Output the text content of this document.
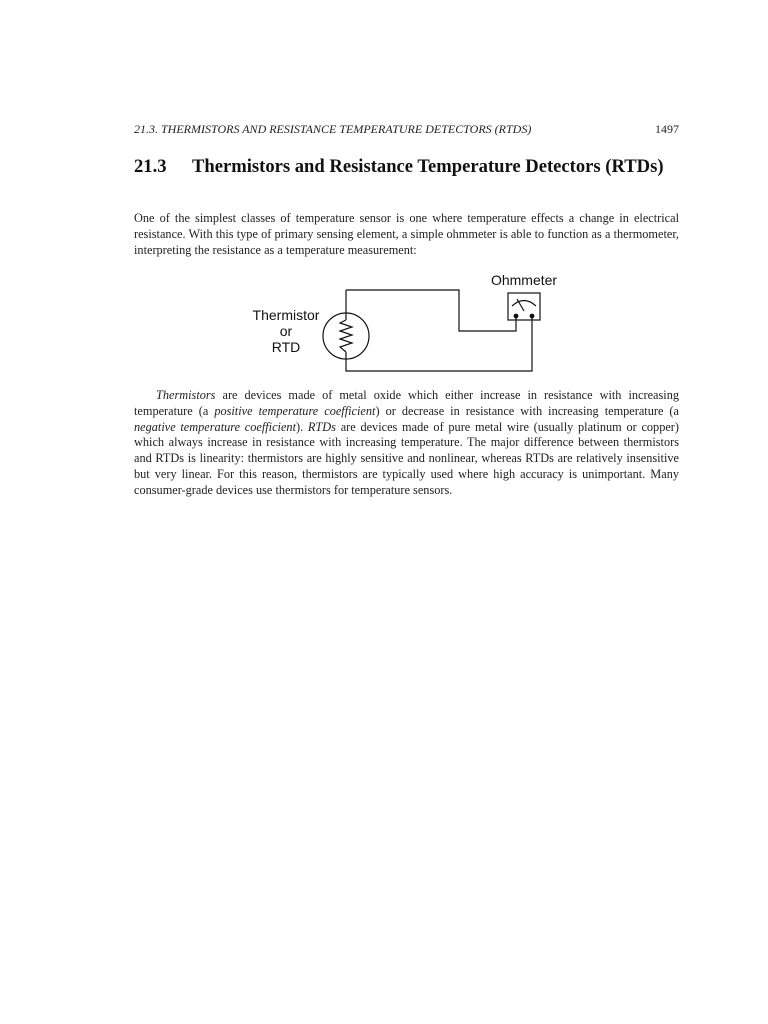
21.3. THERMISTORS AND RESISTANCE TEMPERATURE DETECTORS (RTDS)	1497
21.3	Thermistors and Resistance Temperature Detectors (RTDs)

One of the simplest classes of temperature sensor is one where temperature effects a change in electrical resistance. With this type of primary sensing element, a simple ohmmeter is able to function as a thermometer, interpreting the resistance as a temperature measurement:

Ohmmeter
Thermistor
or
RTD

Thermistors are devices made of metal oxide which either increase in resistance with increasing temperature (a positive temperature coefficient) or decrease in resistance with increasing temperature (a negative temperature coefficient). RTDs are devices made of pure metal wire (usually platinum or copper) which always increase in resistance with increasing temperature. The major difference between thermistors and RTDs is linearity: thermistors are highly sensitive and nonlinear, whereas RTDs are relatively insensitive but very linear. For this reason, thermistors are typically used where high accuracy is unimportant. Many consumer-grade devices use thermistors for temperature sensors.
